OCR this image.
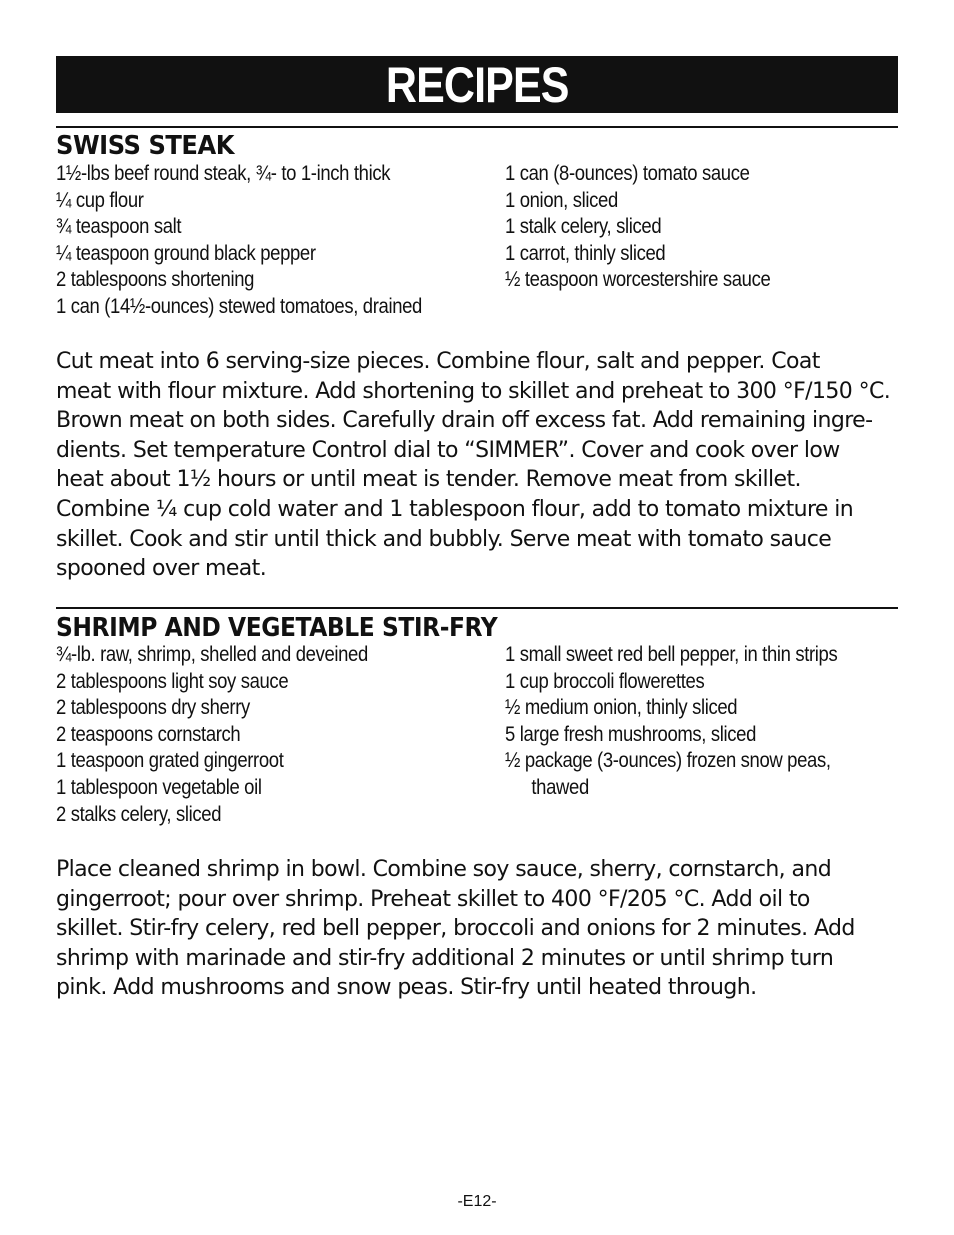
RECIPES
SWISS STEAK
1½-lbs beef round steak, ¾- to 1-inch thick
¼ cup flour
¾ teaspoon salt
¼ teaspoon ground black pepper
2 tablespoons shortening
1 can (14½-ounces) stewed tomatoes, drained
1 can (8-ounces) tomato sauce
1 onion, sliced
1 stalk celery, sliced
1 carrot, thinly sliced
½ teaspoon worcestershire sauce
Cut meat into 6 serving-size pieces. Combine flour, salt and pepper. Coat
meat with flour mixture. Add shortening to skillet and preheat to 300 °F/150 °C.
Brown meat on both sides. Carefully drain off excess fat. Add remaining ingre-
dients. Set temperature Control dial to “SIMMER”. Cover and cook over low
heat about 1½ hours or until meat is tender. Remove meat from skillet.
Combine ¼ cup cold water and 1 tablespoon flour, add to tomato mixture in
skillet. Cook and stir until thick and bubbly. Serve meat with tomato sauce
spooned over meat.
SHRIMP AND VEGETABLE STIR-FRY
¾-lb. raw, shrimp, shelled and deveined
2 tablespoons light soy sauce
2 tablespoons dry sherry
2 teaspoons cornstarch
1 teaspoon grated gingerroot
1 tablespoon vegetable oil
2 stalks celery, sliced
1 small sweet red bell pepper, in thin strips
1 cup broccoli flowerettes
½ medium onion, thinly sliced
5 large fresh mushrooms, sliced
½ package (3-ounces) frozen snow peas,
thawed
Place cleaned shrimp in bowl. Combine soy sauce, sherry, cornstarch, and
gingerroot; pour over shrimp. Preheat skillet to 400 °F/205 °C. Add oil to
skillet. Stir-fry celery, red bell pepper, broccoli and onions for 2 minutes. Add
shrimp with marinade and stir-fry additional 2 minutes or until shrimp turn
pink. Add mushrooms and snow peas. Stir-fry until heated through.
-E12-
